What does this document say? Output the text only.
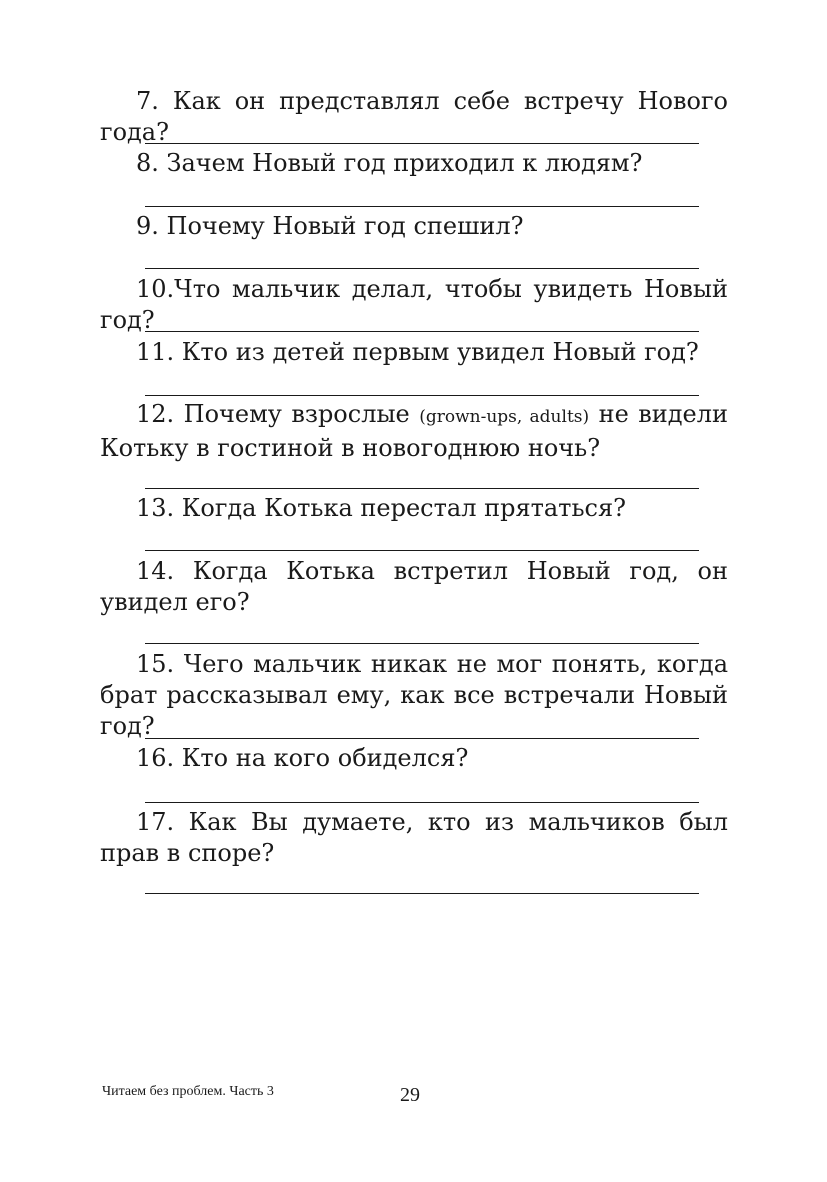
7. Как он представлял себе встречу Нового года?

8. Зачем Новый год приходил к людям?

9. Почему Новый год спешил?

10.Что мальчик делал, чтобы увидеть Новый год?

11. Кто из детей первым увидел Новый год?

12. Почему взрослые (grown-ups, adults) не видели Котьку в гостиной в новогоднюю ночь?

13. Когда Котька перестал прятаться?

14. Когда Котька встретил Новый год, он увидел его?

15. Чего мальчик никак не мог понять, когда брат рассказывал ему, как все встречали Новый год?

16. Кто на кого обиделся?

17. Как Вы думаете, кто из мальчиков был прав в споре?

Читаем без проблем. Часть 3	29
